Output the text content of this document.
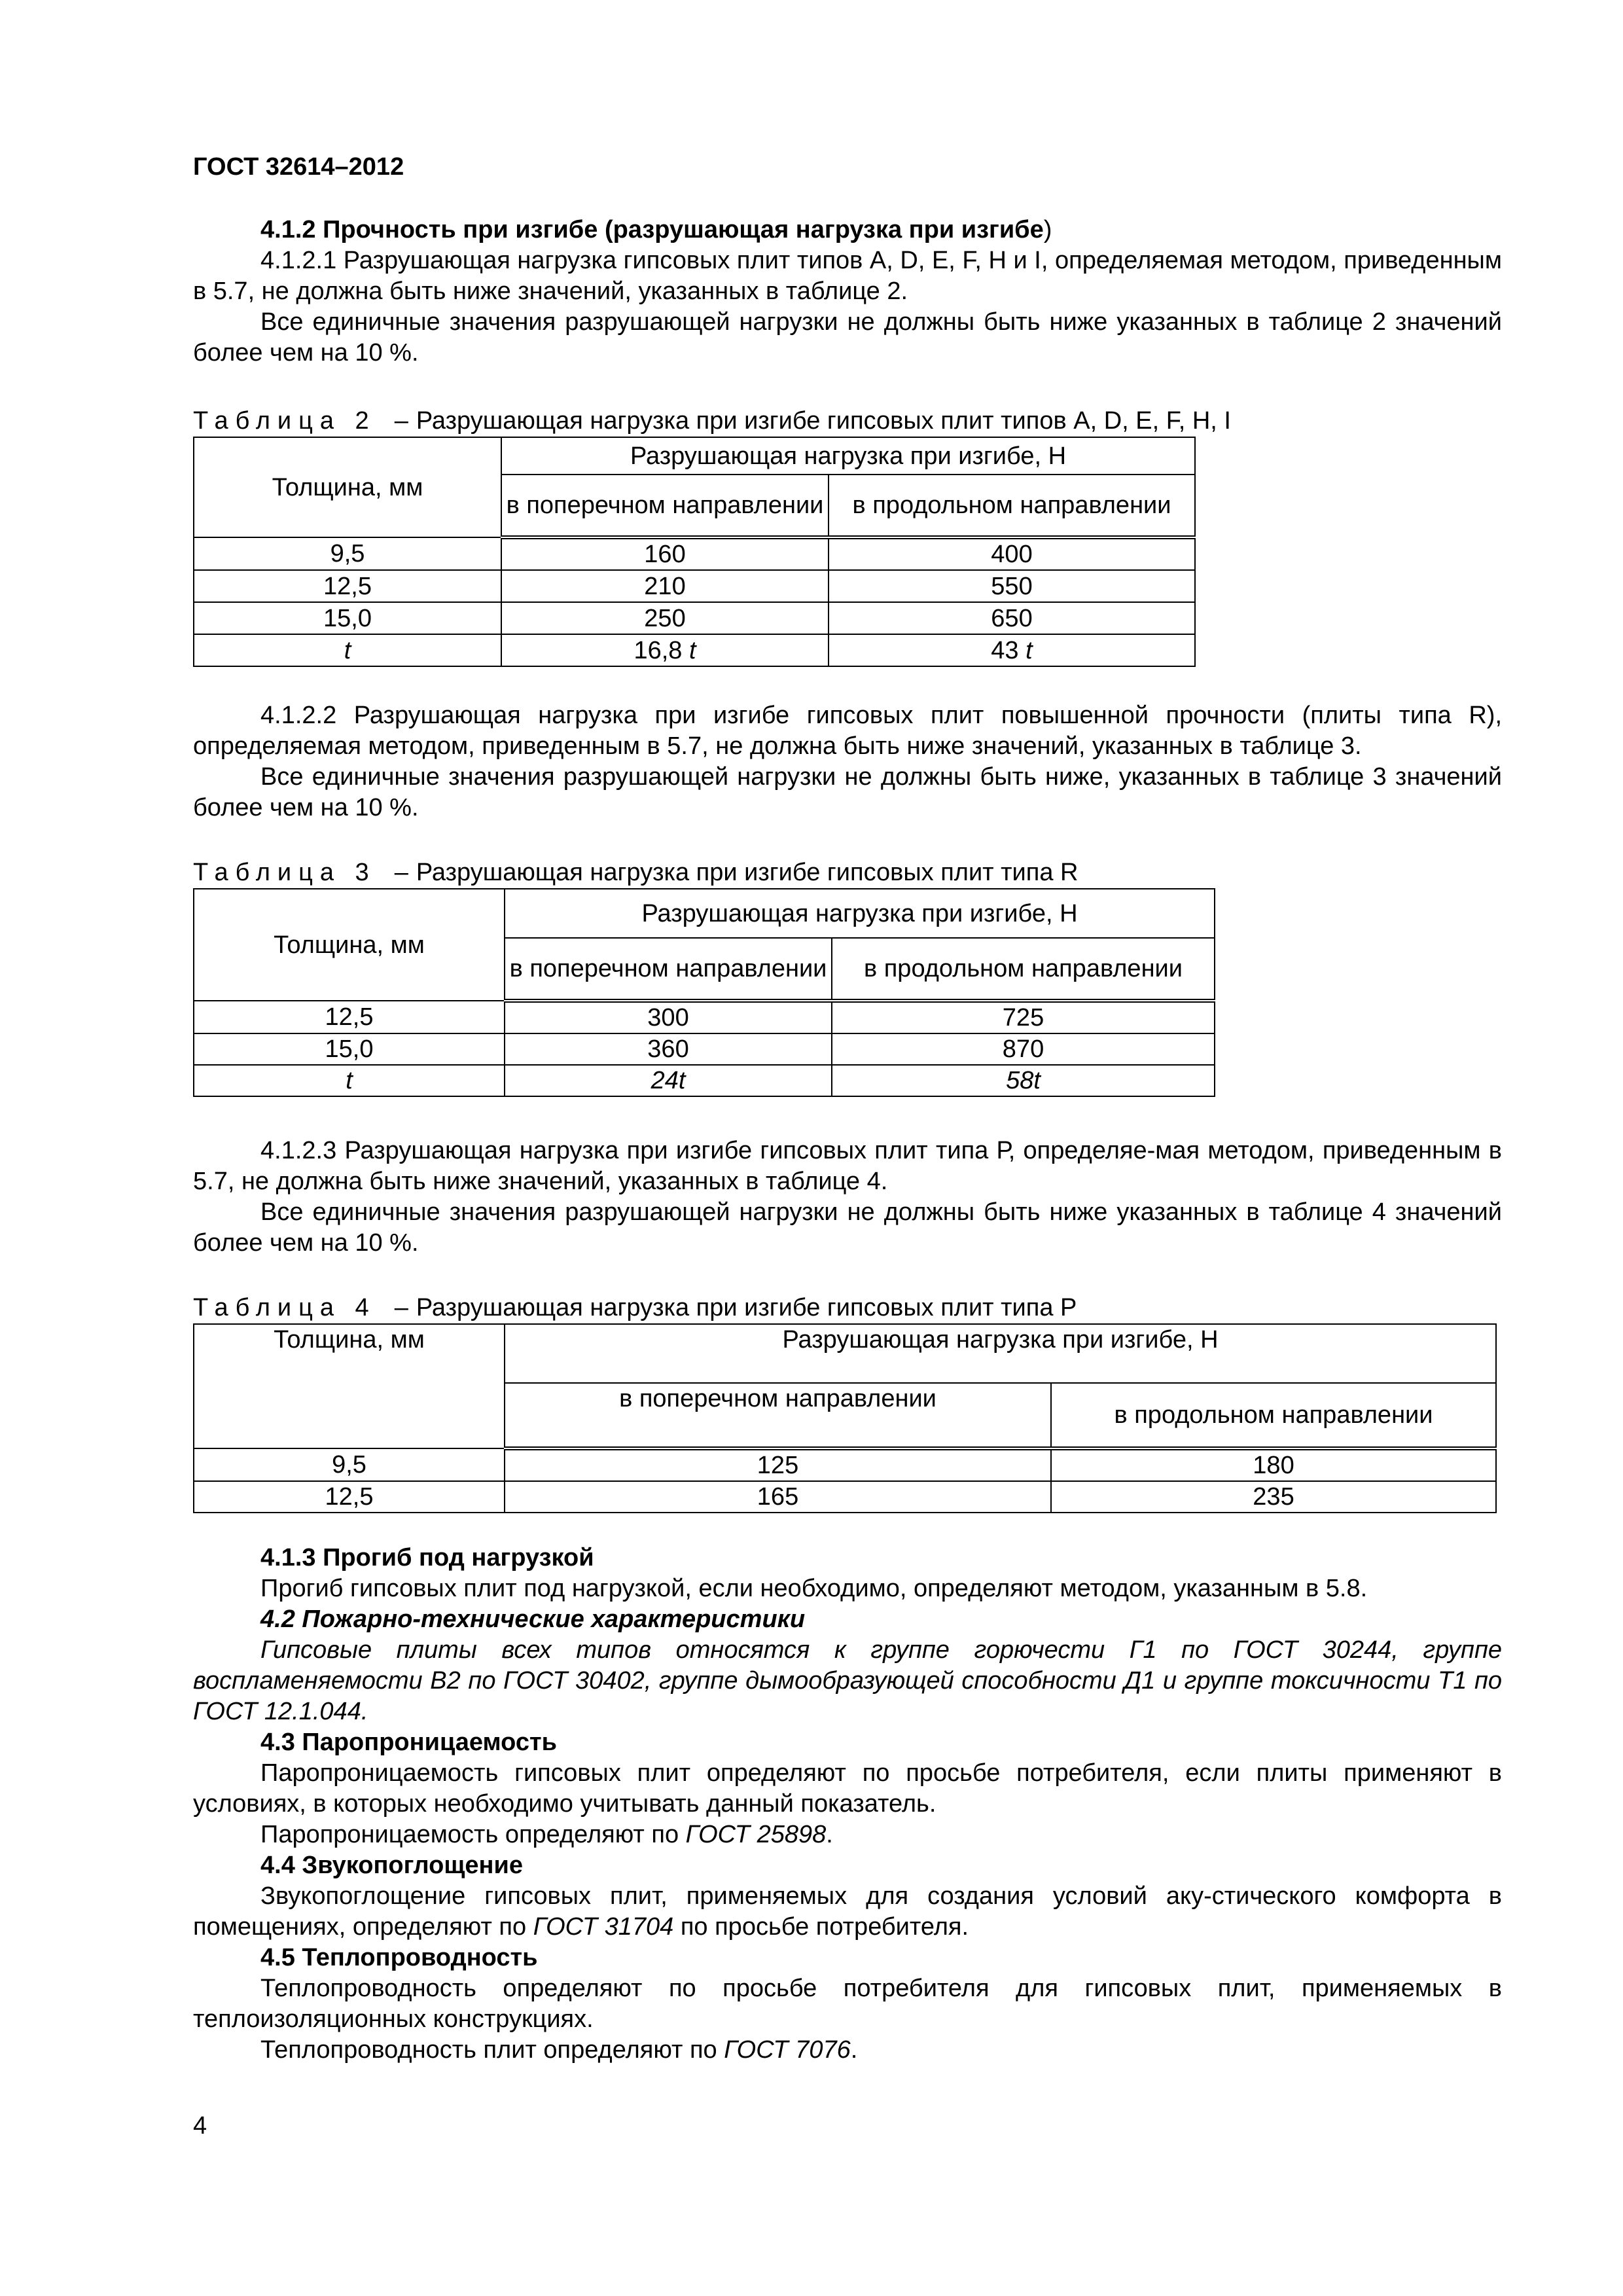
ГОСТ 32614–2012

4.1.2 Прочность при изгибе (разрушающая нагрузка при изгибе)

4.1.2.1 Разрушающая нагрузка гипсовых плит типов А, D, E, F, H и I, определяемая методом, приведенным в 5.7, не должна быть ниже значений, указанных в таблице 2.

Все единичные значения разрушающей нагрузки не должны быть ниже указанных в таблице 2 значений более чем на 10 %.

Таблица 2 – Разрушающая нагрузка при изгибе гипсовых плит типов A, D, E, F, H, I
Толщина, мм	Разрушающая нагрузка при изгибе, Н	
	в поперечном направлении	в продольном направлении
9,5	160	400
12,5	210	550
15,0	250	650
t	16,8 t	43 t

4.1.2.2 Разрушающая нагрузка при изгибе гипсовых плит повышенной прочности (плиты типа R), определяемая методом, приведенным в 5.7, не должна быть ниже значений, указанных в таблице 3.

Все единичные значения разрушающей нагрузки не должны быть ниже, указанных в таблице 3 значений более чем на 10 %.

Таблица 3 – Разрушающая нагрузка при изгибе гипсовых плит типа R
Толщина, мм	Разрушающая нагрузка при изгибе, Н	
	в поперечном направлении	в продольном направлении
12,5	300	725
15,0	360	870
t	24t	58t

4.1.2.3 Разрушающая нагрузка при изгибе гипсовых плит типа Р, определяе-мая методом, приведенным в 5.7, не должна быть ниже значений, указанных в таблице 4.

Все единичные значения разрушающей нагрузки не должны быть ниже указанных в таблице 4 значений более чем на 10 %.

Таблица 4 – Разрушающая нагрузка при изгибе гипсовых плит типа Р
Толщина, мм	Разрушающая нагрузка при изгибе, Н	
	в поперечном направлении	в продольном направлении
9,5	125	180
12,5	165	235

4.1.3 Прогиб под нагрузкой

Прогиб гипсовых плит под нагрузкой, если необходимо, определяют методом, указанным в 5.8.

4.2 Пожарно-технические характеристики

Гипсовые плиты всех типов относятся к группе горючести Г1 по ГОСТ 30244, группе воспламеняемости В2 по ГОСТ 30402, группе дымообразующей способности Д1 и группе токсичности Т1 по ГОСТ 12.1.044.

4.3 Паропроницаемость

Паропроницаемость гипсовых плит определяют по просьбе потребителя, если плиты применяют в условиях, в которых необходимо учитывать данный показатель.

Паропроницаемость определяют по ГОСТ 25898.

4.4 Звукопоглощение

Звукопоглощение гипсовых плит, применяемых для создания условий аку-стического комфорта в помещениях, определяют по ГОСТ 31704 по просьбе потребителя.

4.5 Теплопроводность

Теплопроводность определяют по просьбе потребителя для гипсовых плит, применяемых в теплоизоляционных конструкциях.

Теплопроводность плит определяют по ГОСТ 7076.

4
